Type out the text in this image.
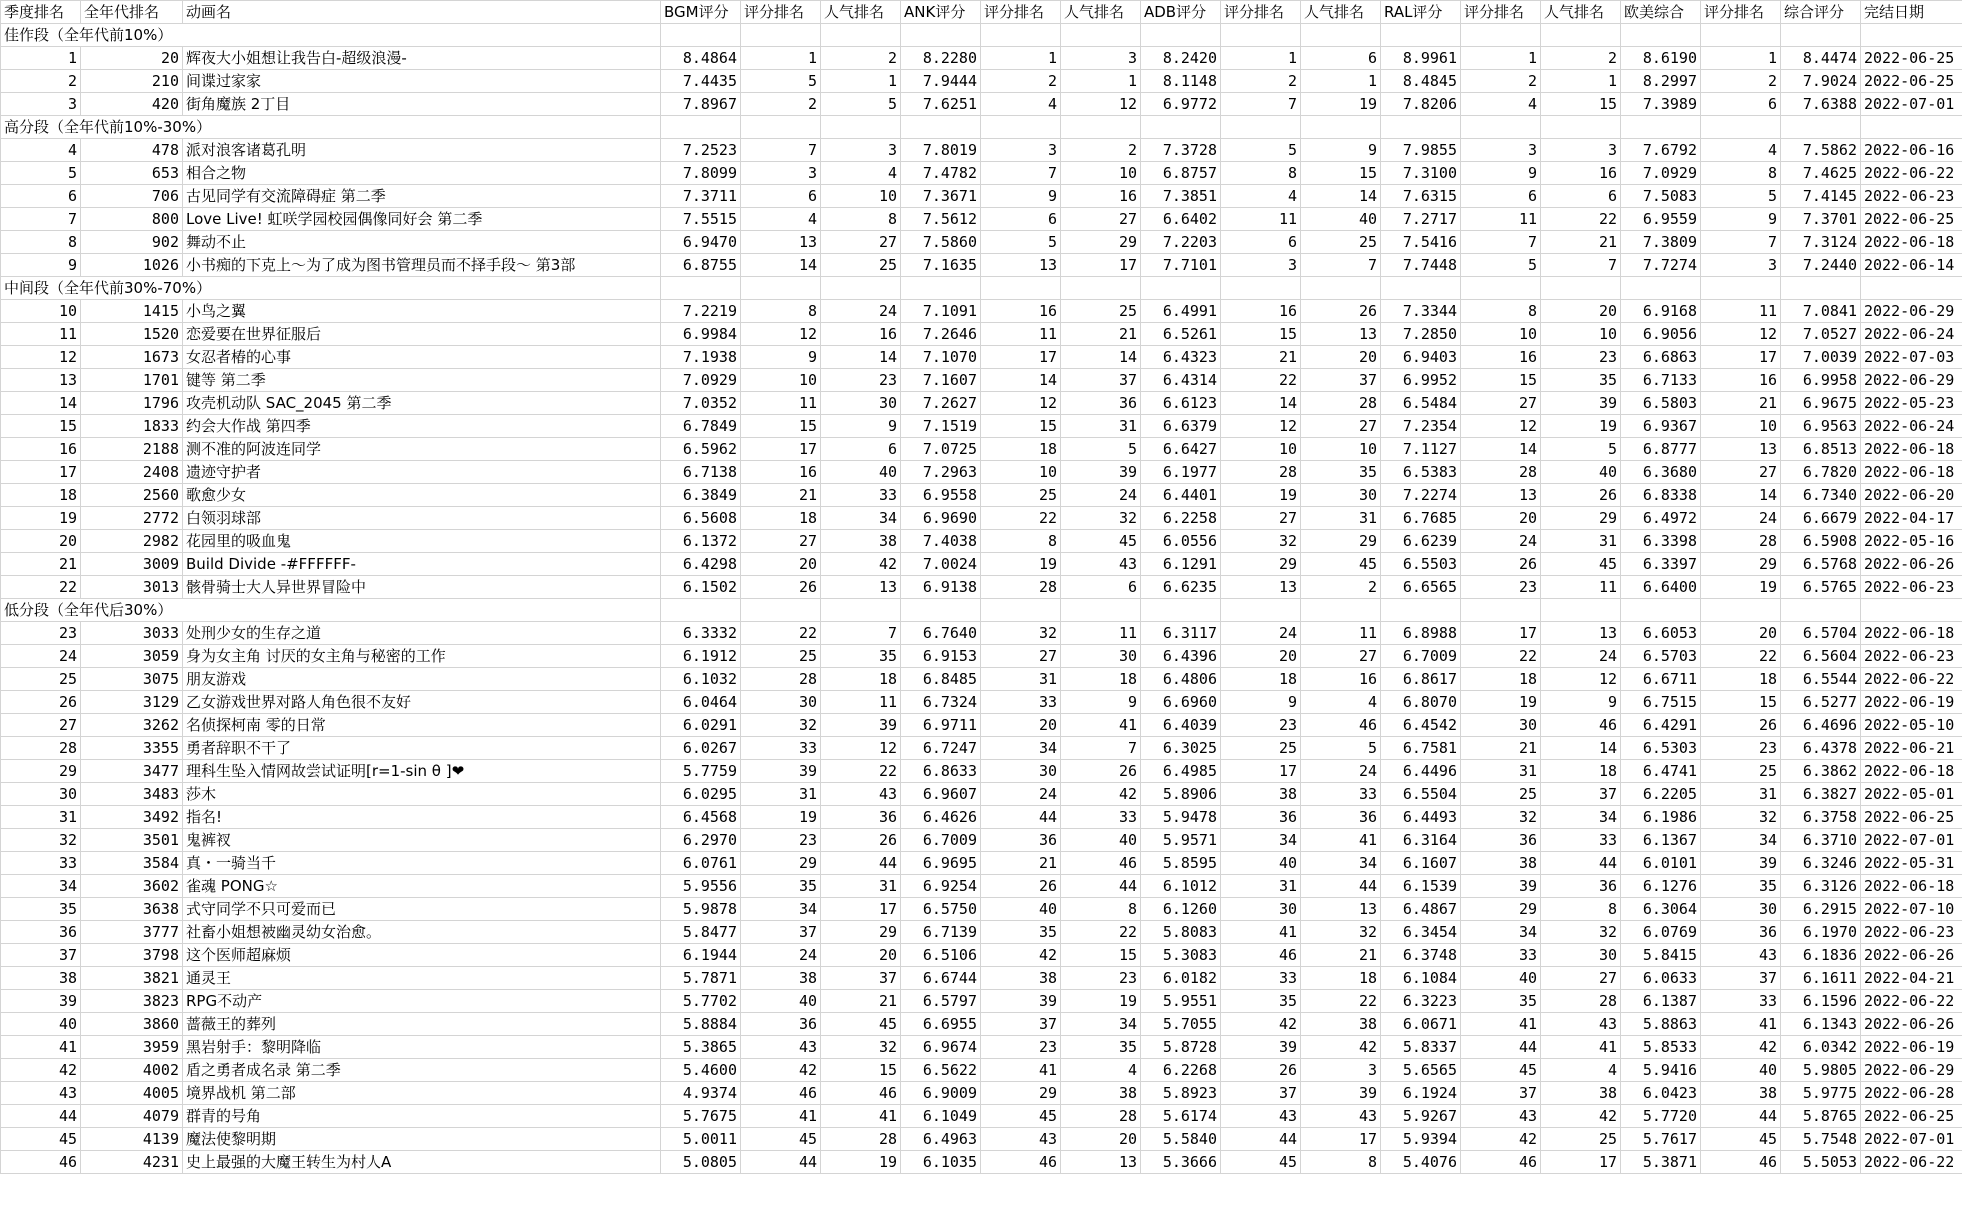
季度排名	全年代排名	动画名	BGM评分	评分排名	人气排名	ANK评分	评分排名	人气排名	ADB评分	评分排名	人气排名	RAL评分	评分排名	人气排名	欧美综合	评分排名	综合评分	完结日期
佳作段（全年代前10%）																		
1	20	辉夜大小姐想让我告白-超级浪漫-	8.4864	1	2	8.2280	1	3	8.2420	1	6	8.9961	1	2	8.6190	1	8.4474	2022-06-25
2	210	间谍过家家	7.4435	5	1	7.9444	2	1	8.1148	2	1	8.4845	2	1	8.2997	2	7.9024	2022-06-25
3	420	街角魔族 2丁目	7.8967	2	5	7.6251	4	12	6.9772	7	19	7.8206	4	15	7.3989	6	7.6388	2022-07-01
高分段（全年代前10%-30%）																		
4	478	派对浪客诸葛孔明	7.2523	7	3	7.8019	3	2	7.3728	5	9	7.9855	3	3	7.6792	4	7.5862	2022-06-16
5	653	相合之物	7.8099	3	4	7.4782	7	10	6.8757	8	15	7.3100	9	16	7.0929	8	7.4625	2022-06-22
6	706	古见同学有交流障碍症 第二季	7.3711	6	10	7.3671	9	16	7.3851	4	14	7.6315	6	6	7.5083	5	7.4145	2022-06-23
7	800	Love Live! 虹咲学园校园偶像同好会 第二季	7.5515	4	8	7.5612	6	27	6.6402	11	40	7.2717	11	22	6.9559	9	7.3701	2022-06-25
8	902	舞动不止	6.9470	13	27	7.5860	5	29	7.2203	6	25	7.5416	7	21	7.3809	7	7.3124	2022-06-18
9	1026	小书痴的下克上～为了成为图书管理员而不择手段～ 第3部	6.8755	14	25	7.1635	13	17	7.7101	3	7	7.7448	5	7	7.7274	3	7.2440	2022-06-14
中间段（全年代前30%-70%）																		
10	1415	小鸟之翼	7.2219	8	24	7.1091	16	25	6.4991	16	26	7.3344	8	20	6.9168	11	7.0841	2022-06-29
11	1520	恋爱要在世界征服后	6.9984	12	16	7.2646	11	21	6.5261	15	13	7.2850	10	10	6.9056	12	7.0527	2022-06-24
12	1673	女忍者椿的心事	7.1938	9	14	7.1070	17	14	6.4323	21	20	6.9403	16	23	6.6863	17	7.0039	2022-07-03
13	1701	键等 第二季	7.0929	10	23	7.1607	14	37	6.4314	22	37	6.9952	15	35	6.7133	16	6.9958	2022-06-29
14	1796	攻壳机动队 SAC_2045 第二季	7.0352	11	30	7.2627	12	36	6.6123	14	28	6.5484	27	39	6.5803	21	6.9675	2022-05-23
15	1833	约会大作战 第四季	6.7849	15	9	7.1519	15	31	6.6379	12	27	7.2354	12	19	6.9367	10	6.9563	2022-06-24
16	2188	测不准的阿波连同学	6.5962	17	6	7.0725	18	5	6.6427	10	10	7.1127	14	5	6.8777	13	6.8513	2022-06-18
17	2408	遗迹守护者	6.7138	16	40	7.2963	10	39	6.1977	28	35	6.5383	28	40	6.3680	27	6.7820	2022-06-18
18	2560	歌愈少女	6.3849	21	33	6.9558	25	24	6.4401	19	30	7.2274	13	26	6.8338	14	6.7340	2022-06-20
19	2772	白领羽球部	6.5608	18	34	6.9690	22	32	6.2258	27	31	6.7685	20	29	6.4972	24	6.6679	2022-04-17
20	2982	花园里的吸血鬼	6.1372	27	38	7.4038	8	45	6.0556	32	29	6.6239	24	31	6.3398	28	6.5908	2022-05-16
21	3009	Build Divide -#FFFFFF-	6.4298	20	42	7.0024	19	43	6.1291	29	45	6.5503	26	45	6.3397	29	6.5768	2022-06-26
22	3013	骸骨骑士大人异世界冒险中	6.1502	26	13	6.9138	28	6	6.6235	13	2	6.6565	23	11	6.6400	19	6.5765	2022-06-23
低分段（全年代后30%）																		
23	3033	处刑少女的生存之道	6.3332	22	7	6.7640	32	11	6.3117	24	11	6.8988	17	13	6.6053	20	6.5704	2022-06-18
24	3059	身为女主角 讨厌的女主角与秘密的工作	6.1912	25	35	6.9153	27	30	6.4396	20	27	6.7009	22	24	6.5703	22	6.5604	2022-06-23
25	3075	朋友游戏	6.1032	28	18	6.8485	31	18	6.4806	18	16	6.8617	18	12	6.6711	18	6.5544	2022-06-22
26	3129	乙女游戏世界对路人角色很不友好	6.0464	30	11	6.7324	33	9	6.6960	9	4	6.8070	19	9	6.7515	15	6.5277	2022-06-19
27	3262	名侦探柯南 零的日常	6.0291	32	39	6.9711	20	41	6.4039	23	46	6.4542	30	46	6.4291	26	6.4696	2022-05-10
28	3355	勇者辞职不干了	6.0267	33	12	6.7247	34	7	6.3025	25	5	6.7581	21	14	6.5303	23	6.4378	2022-06-21
29	3477	理科生坠入情网故尝试证明[r=1-sin θ ]❤	5.7759	39	22	6.8633	30	26	6.4985	17	24	6.4496	31	18	6.4741	25	6.3862	2022-06-18
30	3483	莎木	6.0295	31	43	6.9607	24	42	5.8906	38	33	6.5504	25	37	6.2205	31	6.3827	2022-05-01
31	3492	指名!	6.4568	19	36	6.4626	44	33	5.9478	36	36	6.4493	32	34	6.1986	32	6.3758	2022-06-25
32	3501	鬼裤衩	6.2970	23	26	6.7009	36	40	5.9571	34	41	6.3164	36	33	6.1367	34	6.3710	2022-07-01
33	3584	真・一骑当千	6.0761	29	44	6.9695	21	46	5.8595	40	34	6.1607	38	44	6.0101	39	6.3246	2022-05-31
34	3602	雀魂 PONG☆	5.9556	35	31	6.9254	26	44	6.1012	31	44	6.1539	39	36	6.1276	35	6.3126	2022-06-18
35	3638	式守同学不只可爱而已	5.9878	34	17	6.5750	40	8	6.1260	30	13	6.4867	29	8	6.3064	30	6.2915	2022-07-10
36	3777	社畜小姐想被幽灵幼女治愈。	5.8477	37	29	6.7139	35	22	5.8083	41	32	6.3454	34	32	6.0769	36	6.1970	2022-06-23
37	3798	这个医师超麻烦	6.1944	24	20	6.5106	42	15	5.3083	46	21	6.3748	33	30	5.8415	43	6.1836	2022-06-26
38	3821	通灵王	5.7871	38	37	6.6744	38	23	6.0182	33	18	6.1084	40	27	6.0633	37	6.1611	2022-04-21
39	3823	RPG不动产	5.7702	40	21	6.5797	39	19	5.9551	35	22	6.3223	35	28	6.1387	33	6.1596	2022-06-22
40	3860	蔷薇王的葬列	5.8884	36	45	6.6955	37	34	5.7055	42	38	6.0671	41	43	5.8863	41	6.1343	2022-06-26
41	3959	黑岩射手：黎明降临	5.3865	43	32	6.9674	23	35	5.8728	39	42	5.8337	44	41	5.8533	42	6.0342	2022-06-19
42	4002	盾之勇者成名录 第二季	5.4600	42	15	6.5622	41	4	6.2268	26	3	5.6565	45	4	5.9416	40	5.9805	2022-06-29
43	4005	境界战机 第二部	4.9374	46	46	6.9009	29	38	5.8923	37	39	6.1924	37	38	6.0423	38	5.9775	2022-06-28
44	4079	群青的号角	5.7675	41	41	6.1049	45	28	5.6174	43	43	5.9267	43	42	5.7720	44	5.8765	2022-06-25
45	4139	魔法使黎明期	5.0011	45	28	6.4963	43	20	5.5840	44	17	5.9394	42	25	5.7617	45	5.7548	2022-07-01
46	4231	史上最强的大魔王转生为村人A	5.0805	44	19	6.1035	46	13	5.3666	45	8	5.4076	46	17	5.3871	46	5.5053	2022-06-22
